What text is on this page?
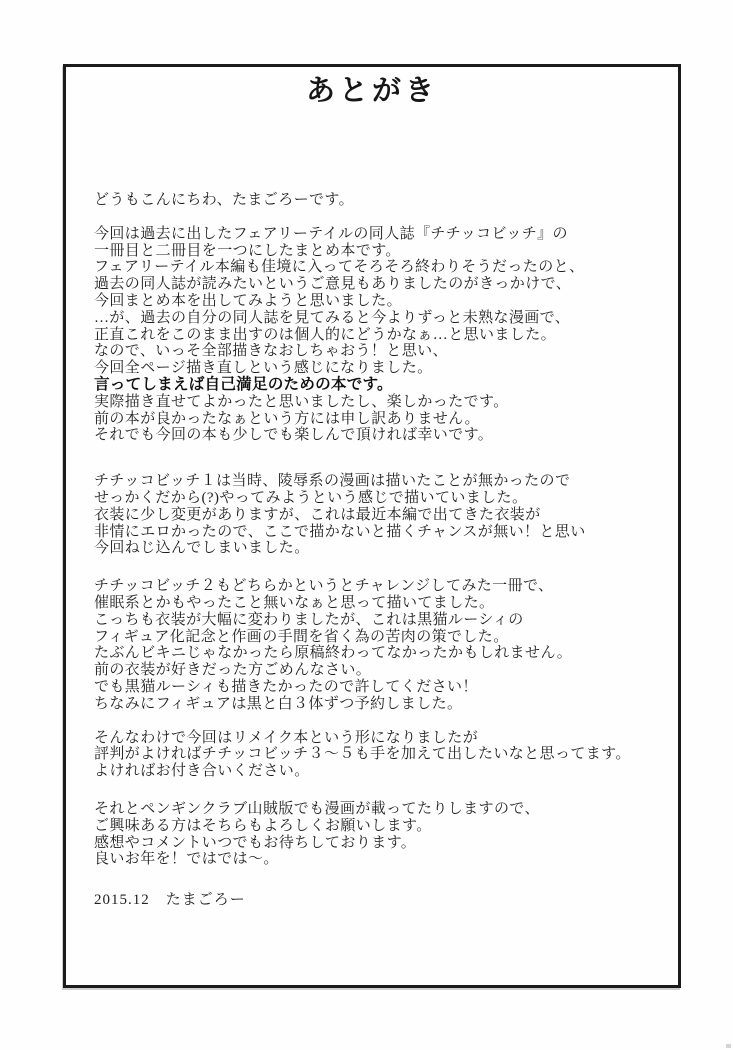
あとがき
どうもこんにちわ、たまごろーです。
今回は過去に出したフェアリーテイルの同人誌『チチッコビッチ』の
一冊目と二冊目を一つにしたまとめ本です。
フェアリーテイル本編も佳境に入ってそろそろ終わりそうだったのと、
過去の同人誌が読みたいというご意見もありましたのがきっかけで、
今回まとめ本を出してみようと思いました。
…が、過去の自分の同人誌を見てみると今よりずっと未熟な漫画で、
正直これをこのまま出すのは個人的にどうかなぁ…と思いました。
なので、いっそ全部描きなおしちゃおう！と思い、
今回全ページ描き直しという感じになりました。
言ってしまえば自己満足のための本です。
実際描き直せてよかったと思いましたし、楽しかったです。
前の本が良かったなぁという方には申し訳ありません。
それでも今回の本も少しでも楽しんで頂ければ幸いです。
チチッコビッチ１は当時、陵辱系の漫画は描いたことが無かったので
せっかくだから(?)やってみようという感じで描いていました。
衣装に少し変更がありますが、これは最近本編で出てきた衣装が
非情にエロかったので、ここで描かないと描くチャンスが無い！と思い
今回ねじ込んでしまいました。
チチッコビッチ２もどちらかというとチャレンジしてみた一冊で、
催眠系とかもやったこと無いなぁと思って描いてました。
こっちも衣装が大幅に変わりましたが、これは黒猫ルーシィの
フィギュア化記念と作画の手間を省く為の苦肉の策でした。
たぶんビキニじゃなかったら原稿終わってなかったかもしれません。
前の衣装が好きだった方ごめんなさい。
でも黒猫ルーシィも描きたかったので許してください！
ちなみにフィギュアは黒と白３体ずつ予約しました。
そんなわけで今回はリメイク本という形になりましたが
評判がよければチチッコビッチ３〜５も手を加えて出したいなと思ってます。
よければお付き合いください。
それとペンギンクラブ山賊版でも漫画が載ってたりしますので、
ご興味ある方はそちらもよろしくお願いします。
感想やコメントいつでもお待ちしております。
良いお年を！ではでは〜。
2015.12　たまごろー
